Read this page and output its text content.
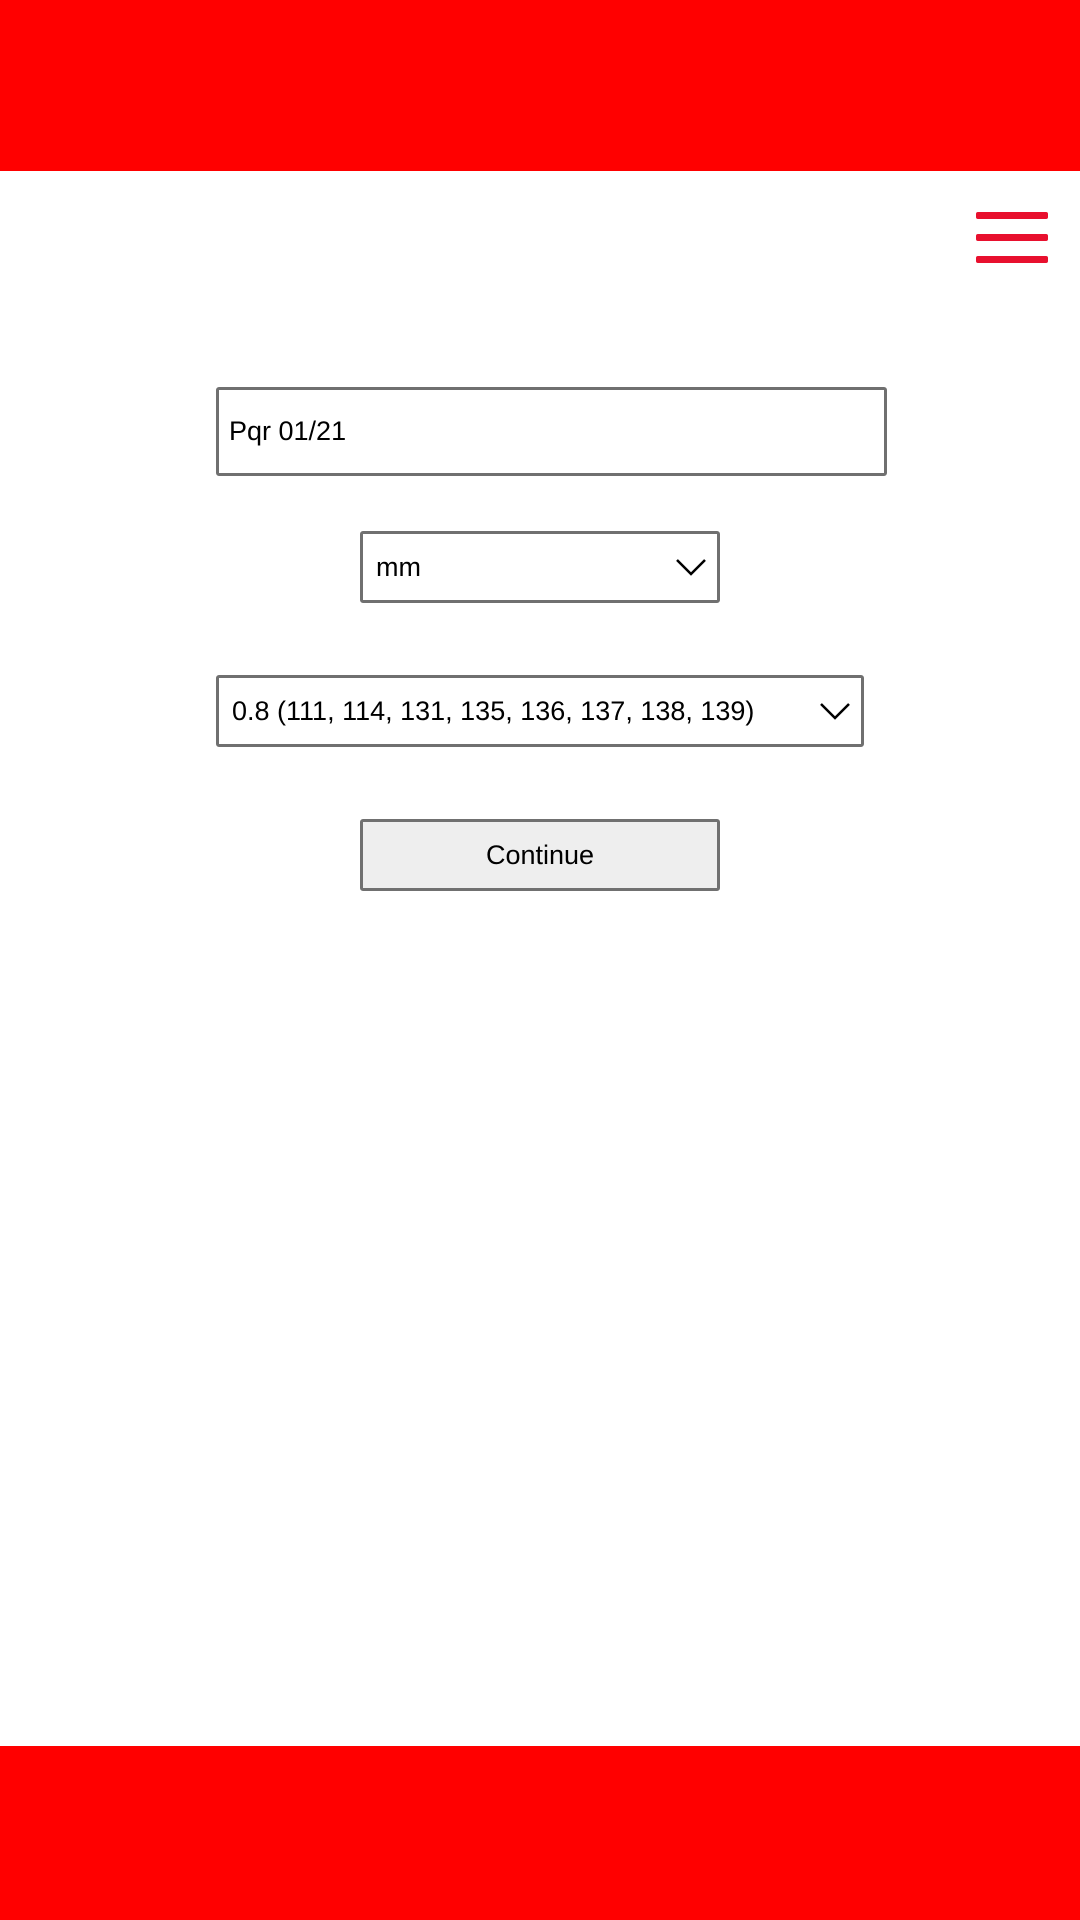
Pqr 01/21
mm
0.8 (111, 114, 131, 135, 136, 137, 138, 139)
Continue
